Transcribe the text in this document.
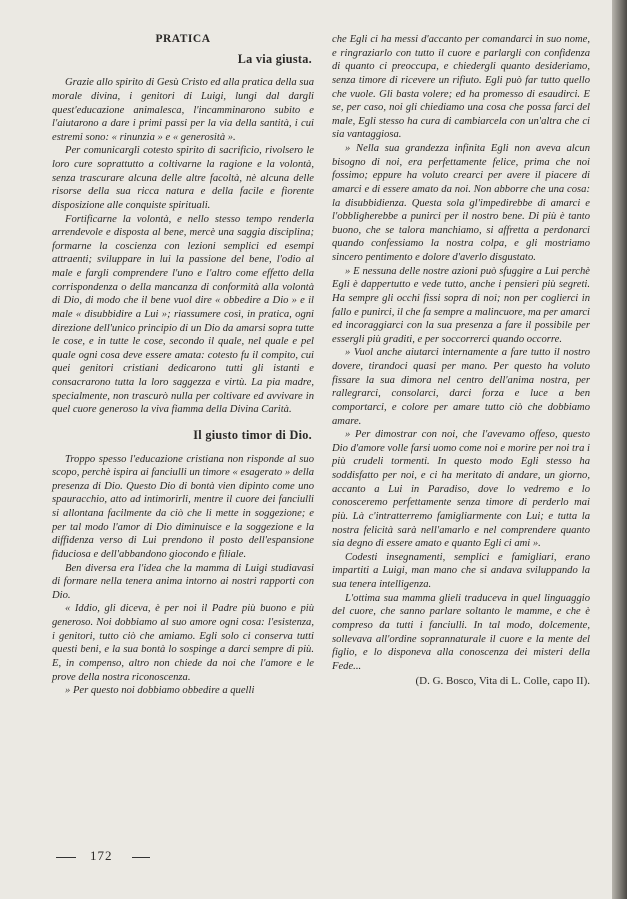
PRATICA
La via giusta.

Grazie allo spirito di Gesù Cristo ed alla pratica della sua morale divina, i genitori di Luigi, lungi dal dargli quest'educazione animalesca, l'incamminarono subito e l'aiutarono a dare i primi passi per la via della santità, i cui estremi sono: « rinunzia » e « generosità ».

Per comunicargli cotesto spirito di sacrificio, rivolsero le loro cure soprattutto a coltivarne la ragione e la volontà, senza trascurare alcuna delle altre facoltà, nè alcuna delle risorse della sua ricca natura e della facile e fiorente disposizione alle conquiste spirituali.

Fortificarne la volontà, e nello stesso tempo renderla arrendevole e disposta al bene, mercè una saggia disciplina; formarne la coscienza con lezioni semplici ed esempi attraenti; sviluppare in lui la passione del bene, l'odio al male e fargli comprendere l'uno e l'altro come effetto della corrispondenza o della mancanza di conformità alla volontà di Dio, di modo che il bene vuol dire « obbedire a Dio » e il male « disubbidire a Lui »; riassumere così, in pratica, ogni direzione dell'unico principio di un Dio da amarsi sopra tutte le cose, e in tutte le cose, secondo il quale, nel quale e pel quale ogni cosa deve essere amata: cotesto fu il compito, cui quei genitori cristiani dedicarono tutti gli istanti e consacrarono tutta la loro saggezza e virtù. La pia madre, specialmente, non trascurò nulla per coltivare ed avvivare in quel cuore generoso la viva fiamma della Divina Carità.

Il giusto timor di Dio.

Troppo spesso l'educazione cristiana non risponde al suo scopo, perchè ispira ai fanciulli un timore « esagerato » della presenza di Dio. Questo Dio di bontà vien dipinto come uno spauracchio, atto ad intimorirli, mentre il cuore dei fanciulli si allontana facilmente da ciò che li mette in soggezione; e per tal modo l'amor di Dio diminuisce e la soggezione e la diffidenza verso di Lui prendono il posto dell'espansione fiduciosa e dell'abbandono giocondo e filiale.

Ben diversa era l'idea che la mamma di Luigi studiavasi di formare nella tenera anima intorno ai nostri rapporti con Dio.

« Iddio, gli diceva, è per noi il Padre più buono e più generoso. Noi dobbiamo al suo amore ogni cosa: l'esistenza, i genitori, tutto ciò che amiamo. Egli solo ci conserva tutti questi beni, e la sua bontà lo sospinge a darci sempre di più. E, in compenso, altro non chiede da noi che l'amore e le prove della nostra riconoscenza.

» Per questo noi dobbiamo obbedire a quelli

che Egli ci ha messi d'accanto per comandarci in suo nome, e ringraziarlo con tutto il cuore e parlargli con confidenza di quanto ci preoccupa, e chiedergli quanto desideriamo, senza timore di ricevere un rifiuto. Egli può far tutto quello che vuole. Gli basta volere; ed ha promesso di esaudirci. E se, per caso, noi gli chiediamo una cosa che possa farci del male, Egli stesso ha cura di cambiarcela con un'altra che ci sia vantaggiosa.

» Nella sua grandezza infinita Egli non aveva alcun bisogno di noi, era perfettamente felice, prima che noi fossimo; eppure ha voluto crearci per avere il piacere di amarci e di essere amato da noi. Non abborre che una cosa: la disubbidienza. Questa sola gl'impedirebbe di amarci e l'obbligherebbe a punirci per il nostro bene. Di più è tanto buono, che se talora manchiamo, si affretta a perdonarci quando confessiamo la nostra colpa, e gli mostriamo sincero pentimento e dolore d'averlo disgustato.

» E nessuna delle nostre azioni può sfuggire a Lui perchè Egli è dappertutto e vede tutto, anche i pensieri più segreti. Ha sempre gli occhi fissi sopra di noi; non per coglierci in fallo e punirci, il che fa sempre a malincuore, ma per amarci ed incoraggiarci con la sua presenza a fare il possibile per essergli più graditi, e per soccorrerci quando occorre.

» Vuol anche aiutarci internamente a fare tutto il nostro dovere, tirandoci quasi per mano. Per questo ha voluto fissare la sua dimora nel centro dell'anima nostra, per rallegrarci, consolarci, darci forza e luce a ben comportarci, e colore per amare tutto ciò che dobbiamo amare.

» Per dimostrar con noi, che l'avevamo offeso, questo Dio d'amore volle farsi uomo come noi e morire per noi tra i più crudeli tormenti. In questo modo Egli stesso ha soddisfatto per noi, e ci ha meritato di andare, un giorno, accanto a Lui in Paradiso, dove lo vedremo e lo conosceremo perfettamente senza timore di perderlo mai più. Là c'intratterremo famigliarmente con Lui; e tutta la nostra felicità sarà nell'amarlo e nel comprendere quanto sia degno di essere amato e quanto Egli ci ami ».

Codesti insegnamenti, semplici e famigliari, erano impartiti a Luigi, man mano che si andava sviluppando la sua tenera intelligenza.

L'ottima sua mamma glieli traduceva in quel linguaggio del cuore, che sanno parlare soltanto le mamme, e che è compreso da tutti i fanciulli. In tal modo, dolcemente, sollevava all'ordine soprannaturale il cuore e la mente del figlio, e lo disponeva alla conoscenza dei misteri della Fede...

(D. G. Bosco, Vita di L. Colle, capo II).
172
